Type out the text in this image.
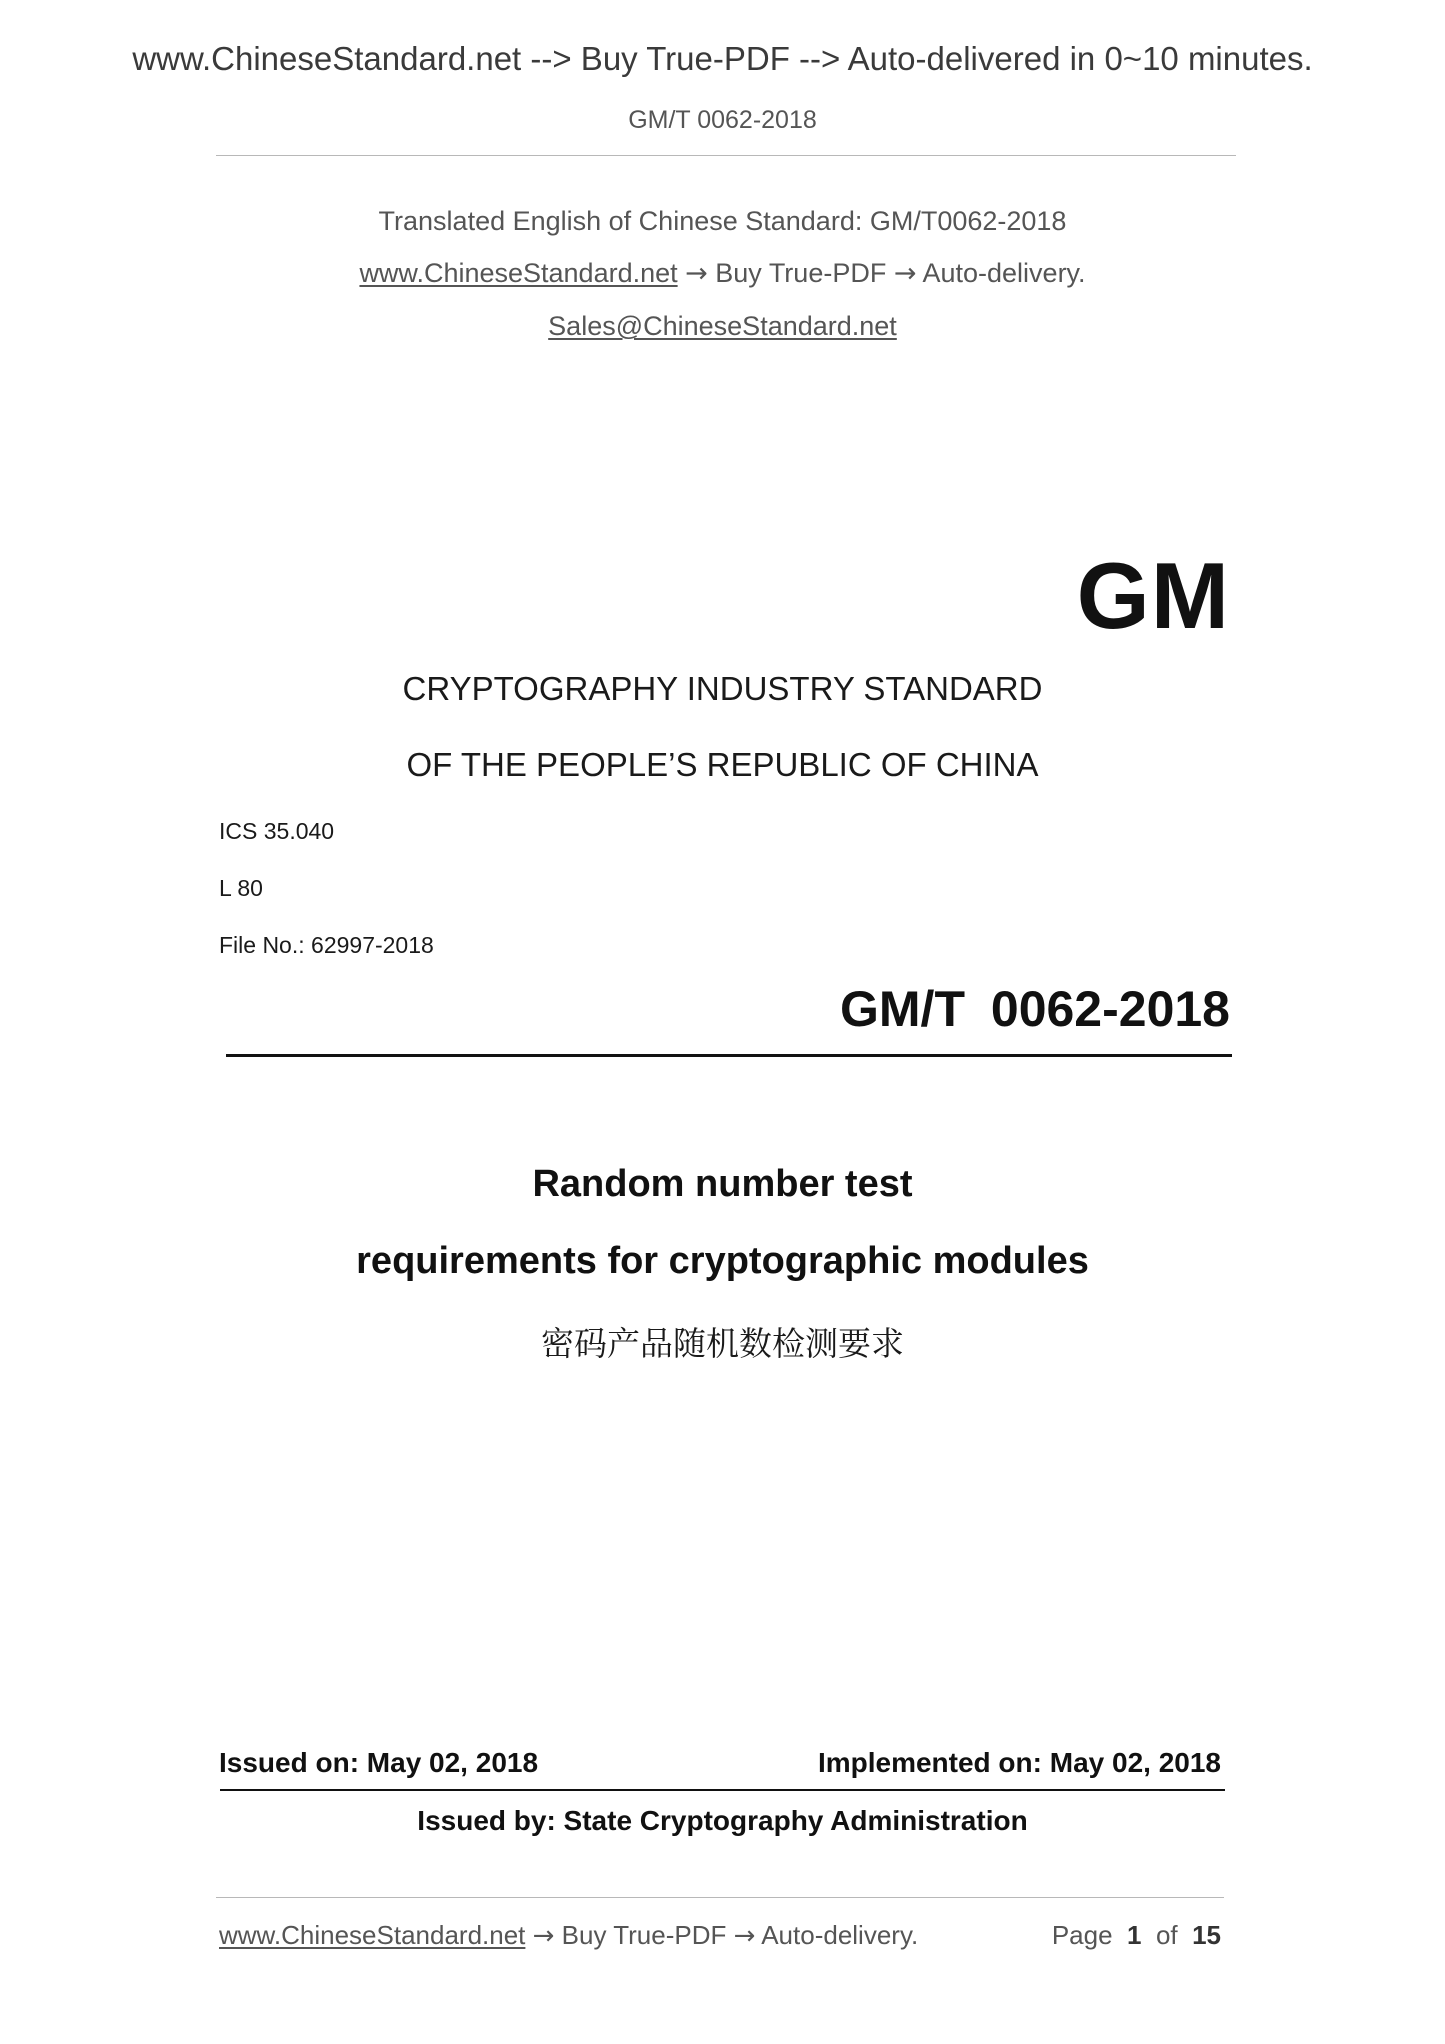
www.ChineseStandard.net --> Buy True-PDF --> Auto-delivered in 0~10 minutes.
GM/T 0062-2018
Translated English of Chinese Standard: GM/T0062-2018
www.ChineseStandard.net → Buy True-PDF → Auto-delivery.
Sales@ChineseStandard.net
GM
CRYPTOGRAPHY INDUSTRY STANDARD
OF THE PEOPLE’S REPUBLIC OF CHINA
ICS 35.040
L 80
File No.: 62997-2018
GM/T 0062-2018
Random number test
requirements for cryptographic modules
密码产品随机数检测要求
Issued on: May 02, 2018	Implemented on: May 02, 2018
Issued by: State Cryptography Administration
www.ChineseStandard.net → Buy True-PDF → Auto-delivery.	Page 1 of 15
